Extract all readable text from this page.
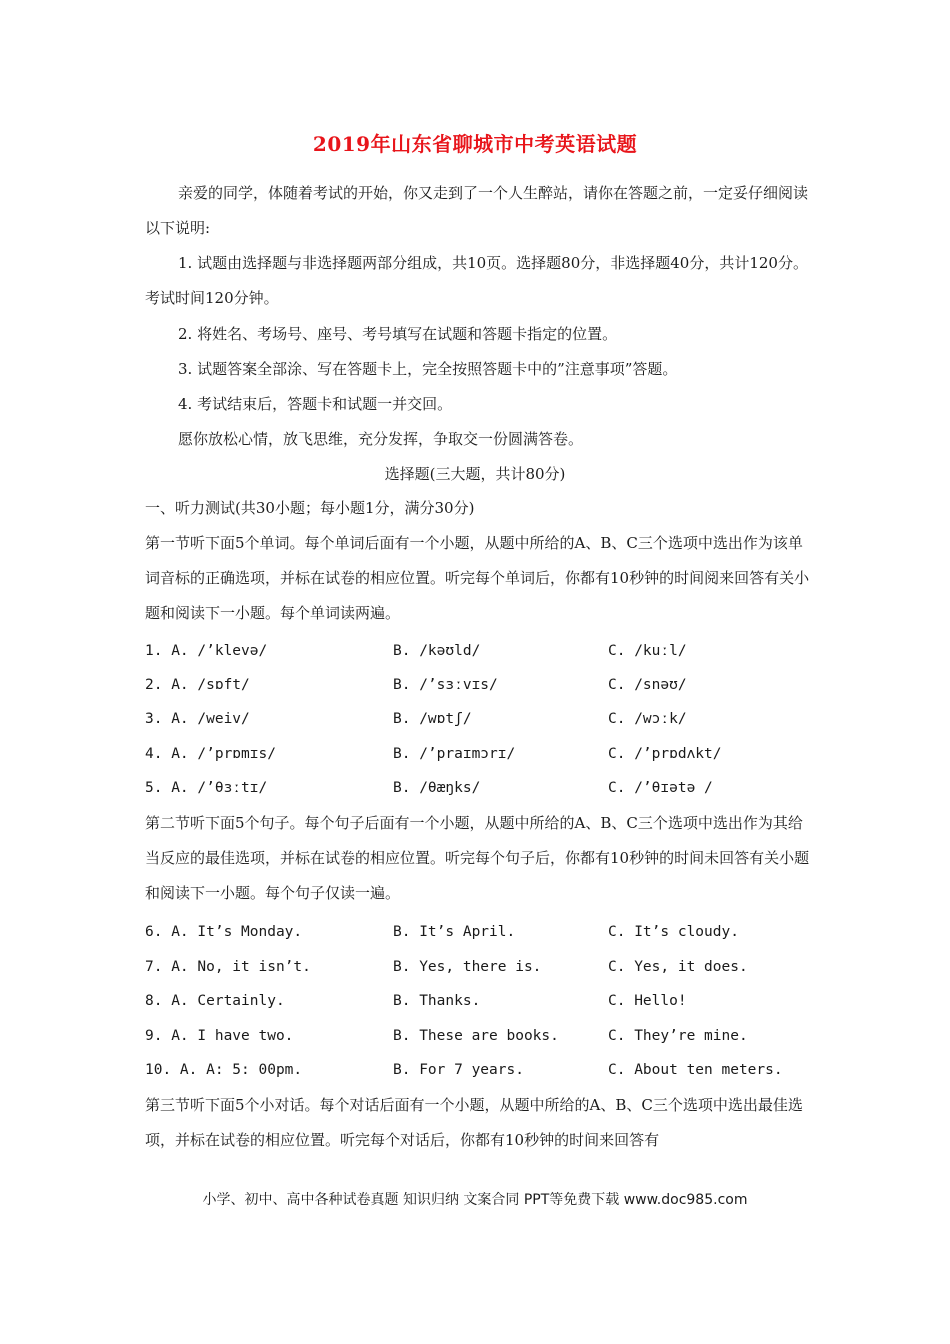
2019年山东省聊城市中考英语试题
亲爱的同学，体随着考试的开始，你又走到了一个人生醉站，请你在答题之前，一定妥仔细阅读以下说明:
1. 试题由选择题与非选择题两部分组成，共10页。选择题80分，非选择题40分，共计120分。考试时间120分钟。
2. 将姓名、考场号、座号、考号填写在试题和答题卡指定的位置。
3. 试题答案全部涂、写在答题卡上，完全按照答题卡中的”注意事项”答题。
4. 考试结束后，答题卡和试题一并交回。
愿你放松心情，放飞思维，充分发挥，争取交一份圆满答卷。
选择题(三大题，共计80分)
一、听力测试(共30小题；每小题1分，满分30分)
第一节听下面5个单词。每个单词后面有一个小题，从题中所给的A、B、C三个选项中选出作为该单词音标的正确选项，并标在试卷的相应位置。听完每个单词后，你都有10秒钟的时间阅来回答有关小题和阅读下一小题。每个单词读两遍。
1. A. /’klevə/	B. /kəʊld/	C. /kuːl/
2. A. /sɒft/	B. /’sɜːvɪs/	C. /snəʊ/
3. A. /weiv/	B. /wɒtʃ/	C. /wɔːk/
4. A. /’prɒmɪs/	B. /’praɪmɔrɪ/	C. /’prɒdʌkt/
5. A. /’θɜːtɪ/	B. /θæŋks/	C. /’θɪətə /
第二节听下面5个句子。每个句子后面有一个小题，从题中所给的A、B、C三个选项中选出作为其给当反应的最佳选项，并标在试卷的相应位置。听完每个句子后，你都有10秒钟的时间未回答有关小题和阅读下一小题。每个句子仅读一遍。
6. A. It’s Monday.	B. It’s April.	C. It’s cloudy.
7. A. No, it isn’t.	B. Yes, there is.	C. Yes, it does.
8. A. Certainly.	B. Thanks.	C. Hello!
9. A. I have two.	B. These are books.	C. They’re mine.
10. A. A: 5: 00pm.	B. For 7 years.	C. About ten meters.
第三节听下面5个小对话。每个对话后面有一个小题，从题中所给的A、B、C三个选项中选出最佳选项，并标在试卷的相应位置。听完每个对话后，你都有10秒钟的时间来回答有
小学、初中、高中各种试卷真题 知识归纳 文案合同 PPT等免费下载 www.doc985.com
